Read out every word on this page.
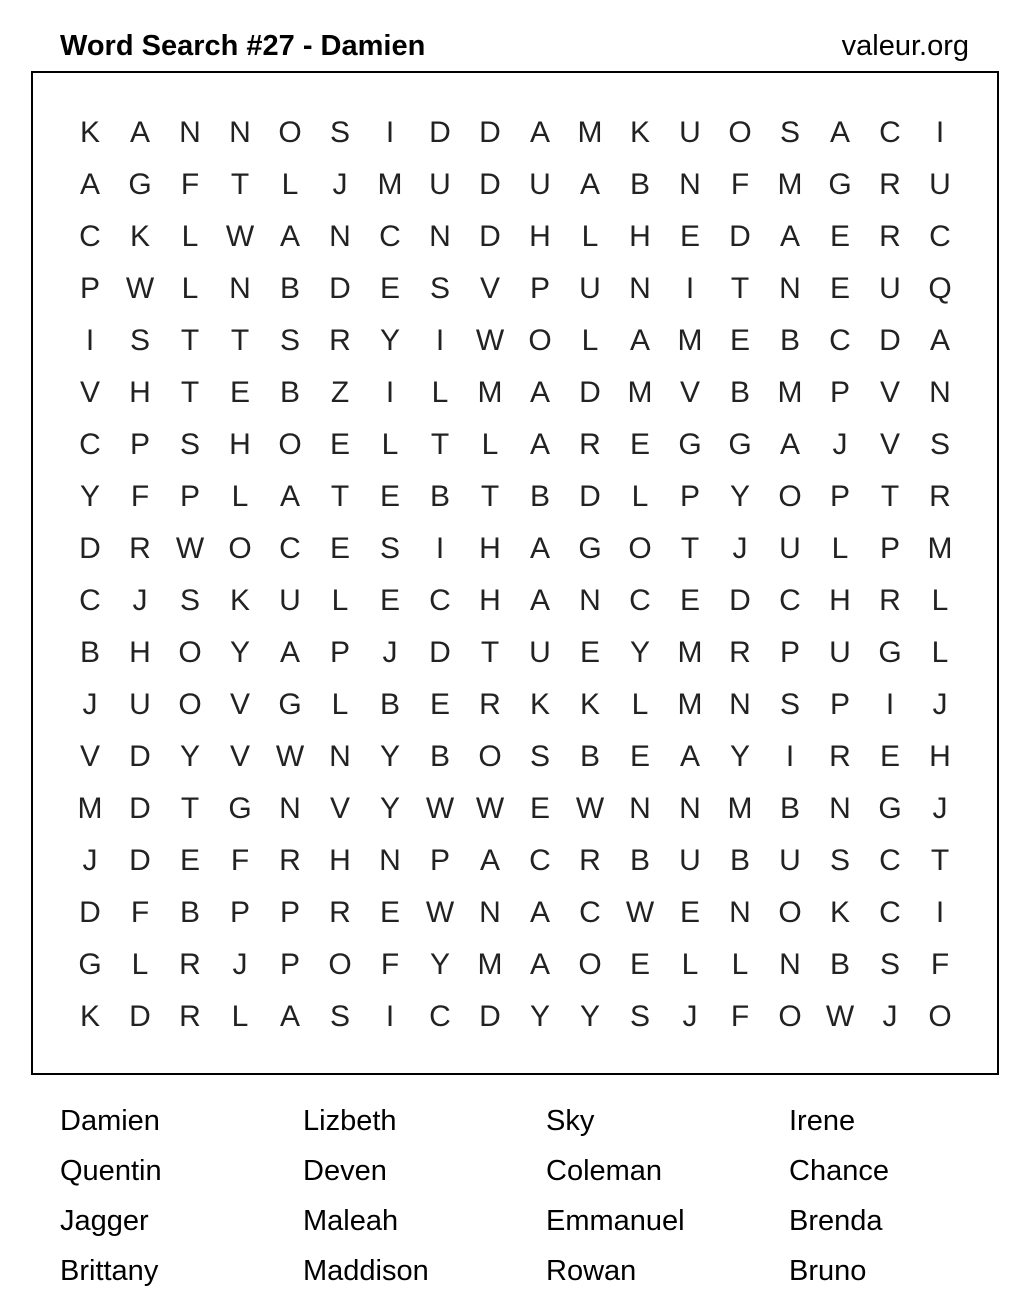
Word Search #27 - Damien	valeur.org
K A N N O S	I	D D A M K U O S A C	I
A G F	T	L	J	M U D U A B N	F M G R U
C K	L W A N C N D H	L	H E D A E R C
P W L	N B D E S V P U N	I	T	N E U Q
I	S	T	T	S R Y	I	W O L	A M E B C D A
V H	T	E B	Z	I	L M A D M V B M P V N
C P S H O E	L	T	L	A R E G G A	J	V S
Y	F	P	L	A	T	E B	T	B D	L	P Y O P	T	R
D R W O C E S	I	H A G O T	J	U	L	P M
C	J	S K U	L	E C H A N C E D C H R	L
B H O Y A P	J	D	T	U E Y M R P U G L
J	U O V G L	B E R K K	L M N S P	I	J
V D Y V W N Y B O S B E A Y	I	R E H
M D	T G N V Y W W E W N N M B N G	J
J	D E	F	R H N P A C R B U B U S C	T
D	F	B P P R E W N A C W E N O K C	I
G L	R	J	P O F	Y M A O E	L	L	N B S	F
K D R	L	A S	I	C D Y Y S	J	F O W J	O
Damien	Lizbeth	Sky	Irene
Quentin	Deven	Coleman	Chance
Jagger	Maleah	Emmanuel	Brenda
Brittany	Maddison	Rowan	Bruno
